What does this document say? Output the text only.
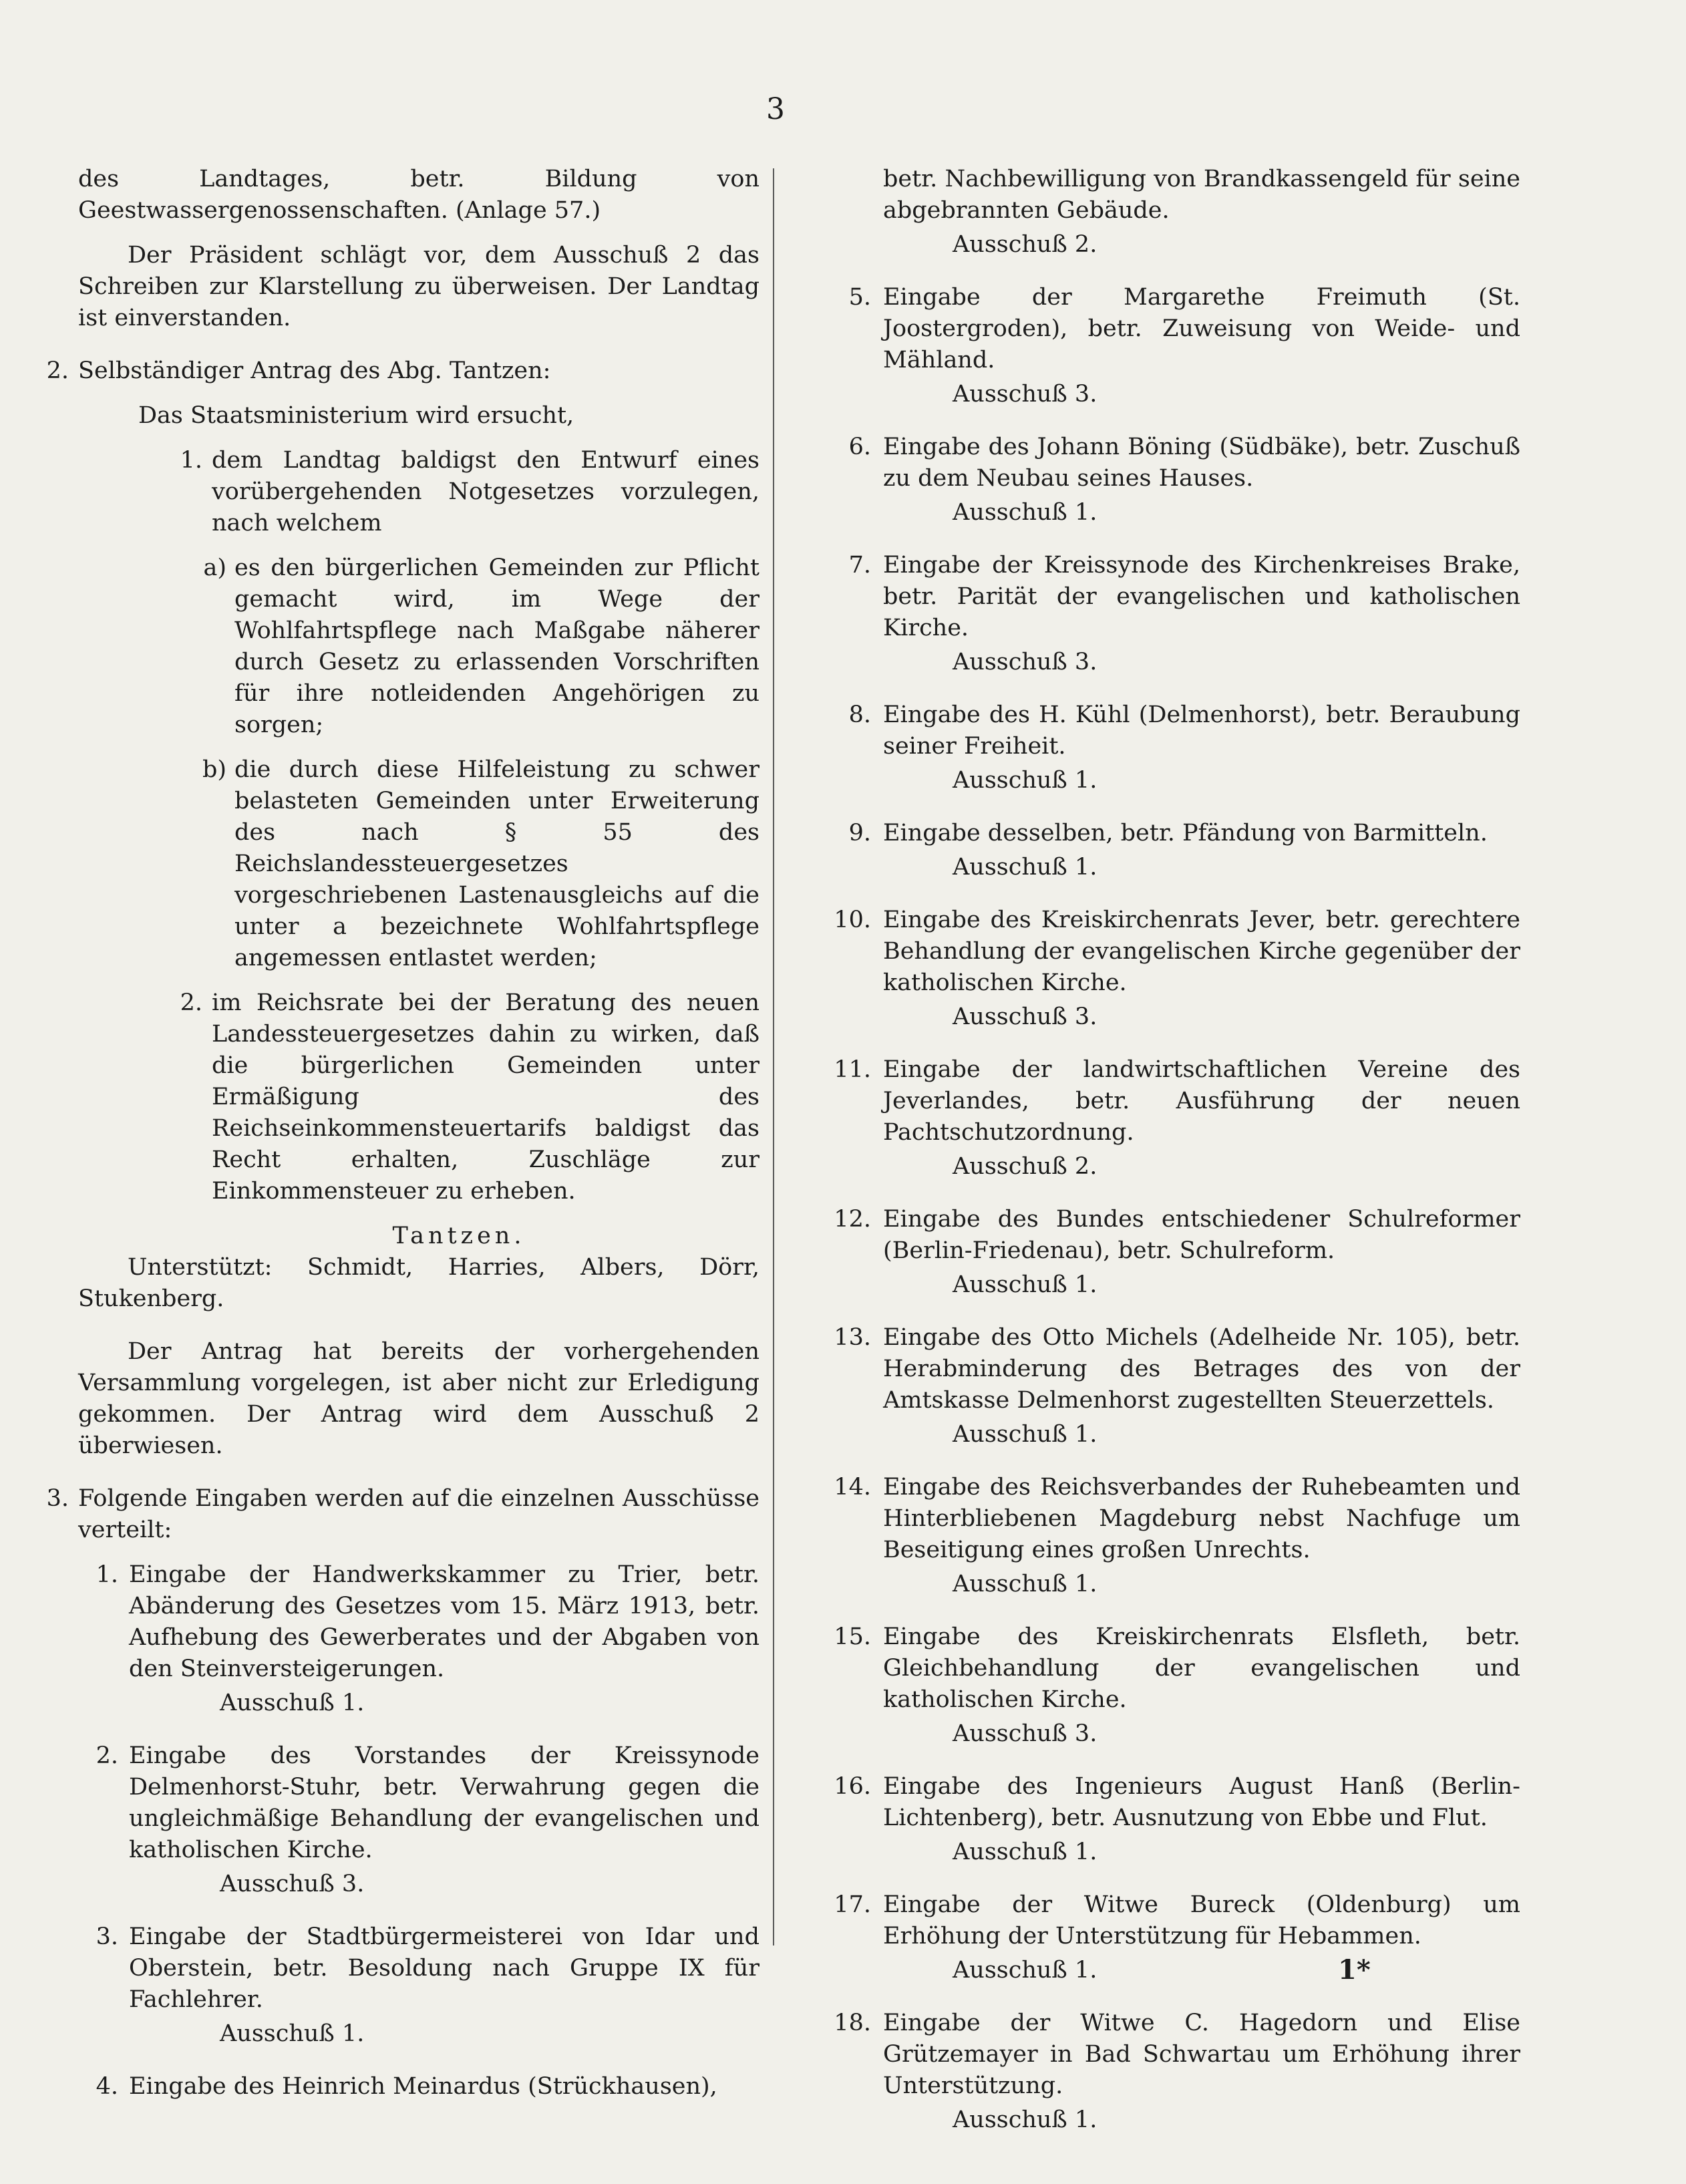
3

des Landtages, betr. Bildung von Geestwassergenossenschaften. (Anlage 57.)

Der Präsident schlägt vor, dem Ausschuß 2 das Schreiben zur Klarstellung zu überweisen. Der Landtag ist einverstanden.

2. Selbständiger Antrag des Abg. Tantzen:

Das Staatsministerium wird ersucht,

1. dem Landtag baldigst den Entwurf eines vorübergehenden Notgesetzes vorzulegen, nach welchem
a) es den bürgerlichen Gemeinden zur Pflicht gemacht wird, im Wege der Wohlfahrtspflege nach Maßgabe näherer durch Gesetz zu erlassenden Vorschriften für ihre notleidenden Angehörigen zu sorgen;
b) die durch diese Hilfeleistung zu schwer belasteten Gemeinden unter Erweiterung des nach § 55 des Reichslandessteuergesetzes vorgeschriebenen Lastenausgleichs auf die unter a bezeichnete Wohlfahrtspflege angemessen entlastet werden;
2. im Reichsrate bei der Beratung des neuen Landessteuergesetzes dahin zu wirken, daß die bürgerlichen Gemeinden unter Ermäßigung des Reichseinkommensteuertarifs baldigst das Recht erhalten, Zuschläge zur Einkommensteuer zu erheben.

Tantzen.

Unterstützt: Schmidt, Harries, Albers, Dörr, Stukenberg.

Der Antrag hat bereits der vorhergehenden Versammlung vorgelegen, ist aber nicht zur Erledigung gekommen. Der Antrag wird dem Ausschuß 2 überwiesen.

3. Folgende Eingaben werden auf die einzelnen Ausschüsse verteilt:
1. Eingabe der Handwerkskammer zu Trier, betr. Abänderung des Gesetzes vom 15. März 1913, betr. Aufhebung des Gewerberates und der Abgaben von den Steinversteigerungen.
Ausschuß 1.
2. Eingabe des Vorstandes der Kreissynode Delmenhorst-Stuhr, betr. Verwahrung gegen die ungleichmäßige Behandlung der evangelischen und katholischen Kirche.
Ausschuß 3.
3. Eingabe der Stadtbürgermeisterei von Idar und Oberstein, betr. Besoldung nach Gruppe IX für Fachlehrer.
Ausschuß 1.
4. Eingabe des Heinrich Meinardus (Strückhausen),
betr. Nachbewilligung von Brandkassengeld für seine abgebrannten Gebäude.
Ausschuß 2.
5. Eingabe der Margarethe Freimuth (St. Joostergroden), betr. Zuweisung von Weide- und Mähland.
Ausschuß 3.
6. Eingabe des Johann Böning (Südbäke), betr. Zuschuß zu dem Neubau seines Hauses.
Ausschuß 1.
7. Eingabe der Kreissynode des Kirchenkreises Brake, betr. Parität der evangelischen und katholischen Kirche.
Ausschuß 3.
8. Eingabe des H. Kühl (Delmenhorst), betr. Beraubung seiner Freiheit.
Ausschuß 1.
9. Eingabe desselben, betr. Pfändung von Barmitteln.
Ausschuß 1.
10. Eingabe des Kreiskirchenrats Jever, betr. gerechtere Behandlung der evangelischen Kirche gegenüber der katholischen Kirche.
Ausschuß 3.
11. Eingabe der landwirtschaftlichen Vereine des Jeverlandes, betr. Ausführung der neuen Pachtschutzordnung.
Ausschuß 2.
12. Eingabe des Bundes entschiedener Schulreformer (Berlin-Friedenau), betr. Schulreform.
Ausschuß 1.
13. Eingabe des Otto Michels (Adelheide Nr. 105), betr. Herabminderung des Betrages des von der Amtskasse Delmenhorst zugestellten Steuerzettels.
Ausschuß 1.
14. Eingabe des Reichsverbandes der Ruhebeamten und Hinterbliebenen Magdeburg nebst Nachfuge um Beseitigung eines großen Unrechts.
Ausschuß 1.
15. Eingabe des Kreiskirchenrats Elsfleth, betr. Gleichbehandlung der evangelischen und katholischen Kirche.
Ausschuß 3.
16. Eingabe des Ingenieurs August Hanß (Berlin-Lichtenberg), betr. Ausnutzung von Ebbe und Flut.
Ausschuß 1.
17. Eingabe der Witwe Bureck (Oldenburg) um Erhöhung der Unterstützung für Hebammen.
Ausschuß 1.
18. Eingabe der Witwe C. Hagedorn und Elise Grützemayer in Bad Schwartau um Erhöhung ihrer Unterstützung.
Ausschuß 1.
1*
